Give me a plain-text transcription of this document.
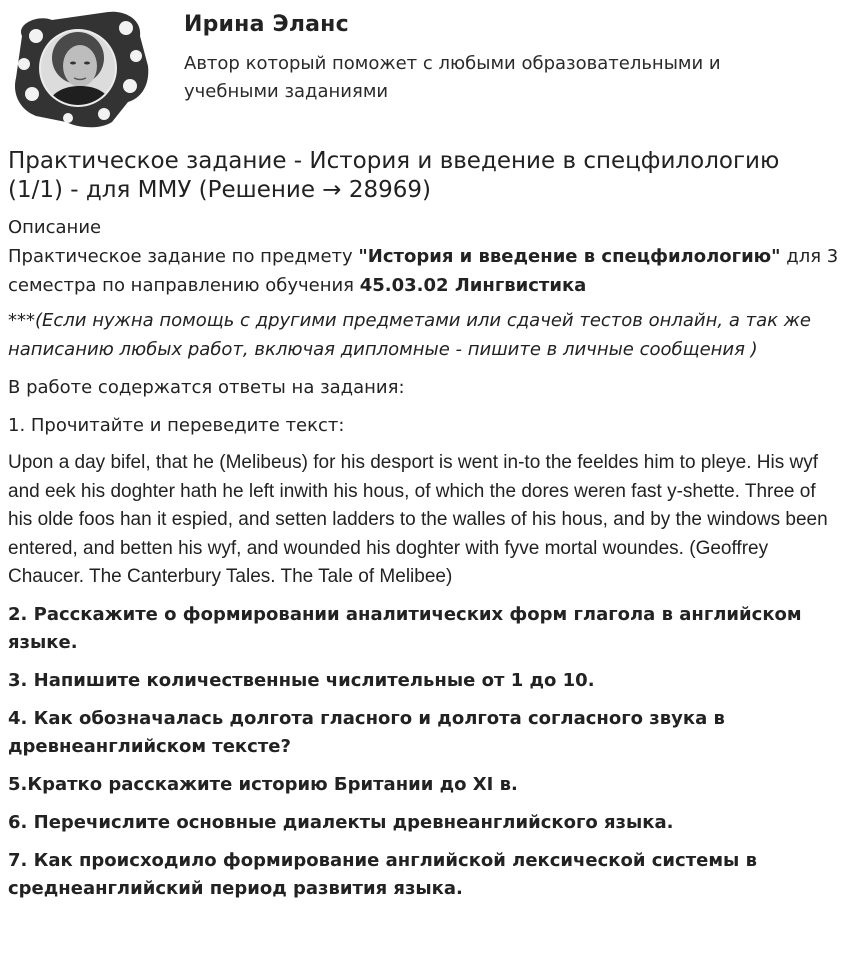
Ирина Эланс
Автор который поможет с любыми образовательными и учебными заданиями
Практическое задание - История и введение в спецфилологию (1/1) - для ММУ (Решение → 28969)
Описание
Практическое задание по предмету "История и введение в спецфилологию" для 3 семестра по направлению обучения 45.03.02 Лингвистика
***(Если нужна помощь с другими предметами или сдачей тестов онлайн, а так же написанию любых работ, включая дипломные - пишите в личные сообщения )
В работе содержатся ответы на задания:
1. Прочитайте и переведите текст:
Upon a day bifel, that he (Melibeus) for his desport is went in-to the feeldes him to pleye. His wyf and eek his doghter hath he left inwith his hous, of which the dores weren fast y-shette. Three of his olde foos han it espied, and setten ladders to the walles of his hous, and by the windows been entered, and betten his wyf, and wounded his doghter with fyve mortal woundes. (Geoffrey Chaucer. The Canterbury Tales. The Tale of Melibee)
2. Расскажите о формировании аналитических форм глагола в английском языке.
3. Напишите количественные числительные от 1 до 10.
4. Как обозначалась долгота гласного и долгота согласного звука в древнеанглийском тексте?
5.Кратко расскажите историю Британии до XI в.
6. Перечислите основные диалекты древнеанглийского языка.
7. Как происходило формирование английской лексической системы в среднеанглийский период развития языка.
